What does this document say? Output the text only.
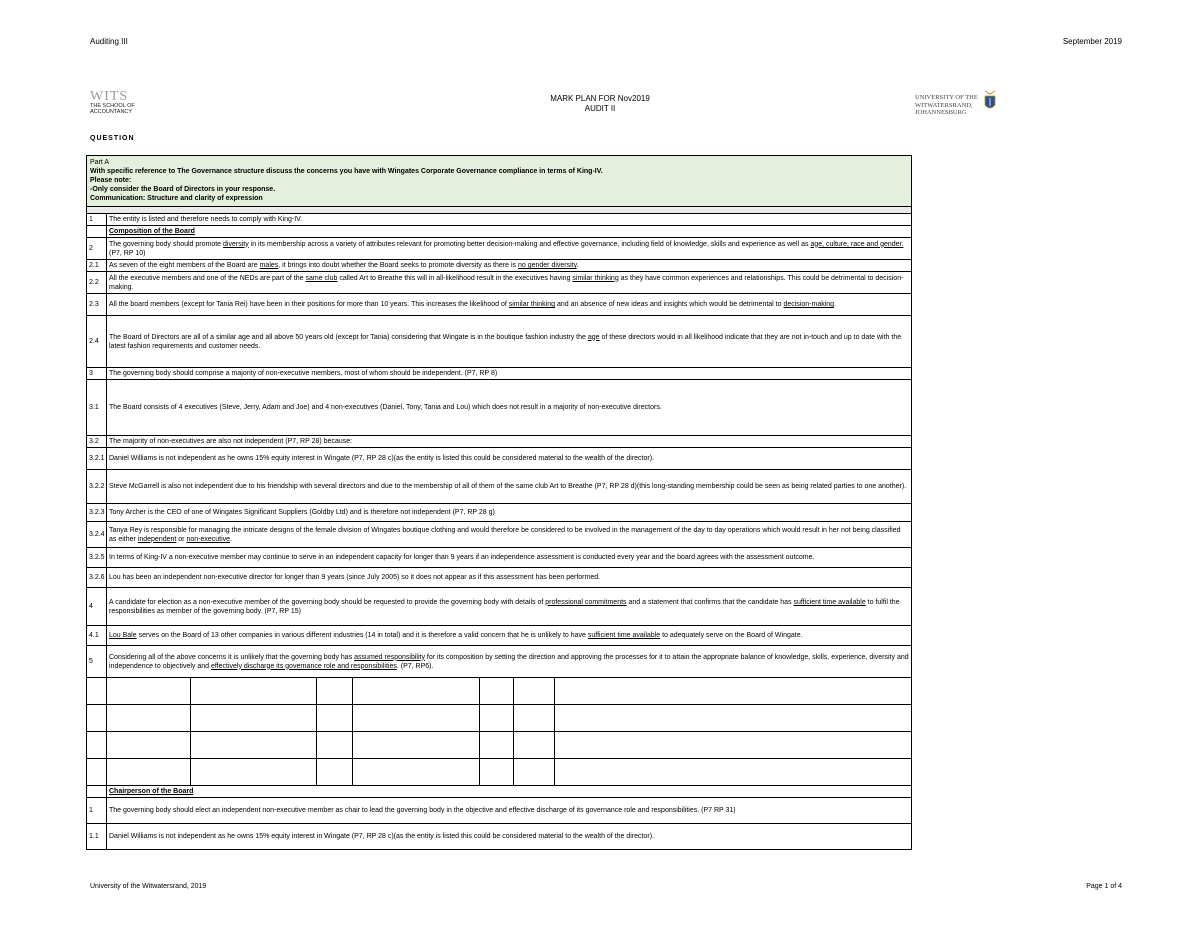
Auditing III	September 2019
WITS
THE SCHOOL OF
ACCOUNTANCY
MARK PLAN FOR Nov2019
AUDIT II
UNIVERSITY OF THE
WITWATERSRAND,
JOHANNESBURG
QUESTION
Part A
With specific reference to The Governance structure discuss the concerns you have with Wingates Corporate Governance compliance in terms of King-IV.
Please note:
-Only consider the Board of Directors in your response.
Communication: Structure and clarity of expression							

1	The entity is listed and therefore needs to comply with King-IV.						
	Composition of the Board						
2	The governing body should promote diversity in its membership across a variety of attributes relevant for promoting better decision-making and effective governance, including field of knowledge, skills and experience as well as age, culture, race and gender. (P7, RP 10)						
2.1	As seven of the eight members of the Board are males, it brings into doubt whether the Board seeks to promote diversity as there is no gender diversity.						
2.2	All the executive members and one of the NEDs are part of the same club called Art to Breathe this will in all-likelihood result in the executives having similar thinking as they have common experiences and relationships. This could be detrimental to decision-making.						
2.3	All the board members (except for Tania Rei) have been in their positions for more than 10 years. This increases the likelihood of similar thinking and an absence of new ideas and insights which would be detrimental to decision-making.						
2.4	The Board of Directors are all of a similar age and all above 50 years old (except for Tania) considering that Wingate is in the boutique fashion industry the age of these directors would in all likelihood indicate that they are not in-touch and up to date with the latest fashion requirements and customer needs.						
3	The governing body should comprise a majority of non-executive members, most of whom should be independent. (P7, RP 8)						
3.1	The Board consists of 4 executives (Steve, Jerry, Adam and Joe) and 4 non-executives (Daniel, Tony, Tania and Lou) which does not result in a majority of non-executive directors.						
3.2	The majority of non-executives are also not independent (P7, RP 28) because:						
3.2.1	Daniel Williams is not independent as he owns 15% equity interest in Wingate (P7, RP 28 c)(as the entity is listed this could be considered material to the wealth of the director).						
3.2.2	Steve McGarrell is also not independent due to his friendship with several directors and due to the membership of all of them of the same club Art to Breathe (P7, RP 28 d)(this long-standing membership could be seen as being related parties to one another).						
3.2.3	Tony Archer is the CEO of one of Wingates Significant Suppliers (Goldby Ltd) and is therefore not independent (P7, RP 28 g)						
3.2.4	Tanya Rey is responsible for managing the intricate designs of the female division of Wingates boutique clothing and would therefore be considered to be involved in the management of the day to day operations which would result in her not being classified as either independent or non-executive.						
3.2.5	In terms of King-IV a non-executive member may continue to serve in an independent capacity for longer than 9 years if an independence assessment is conducted every year and the board agrees with the assessment outcome.						
3.2.6	Lou has been an independent non-executive director for longer than 9 years (since July 2005) so it does not appear as if this assessment has been performed.						
4	A candidate for election as a non-executive member of the governing body should be requested to provide the governing body with details of professional commitments and a statement that confirms that the candidate has sufficient time available to fulfil the responsibilities as member of the governing body. (P7, RP 15)						
4.1	Lou Bale serves on the Board of 13 other companies in various different industries (14 in total) and it is therefore a valid concern that he is unlikely to have sufficient time available to adequately serve on the Board of Wingate.						
5	Considering all of the above concerns it is unlikely that the governing body has assumed responsibility for its composition by setting the direction and approving the processes for it to attain the appropriate balance of knowledge, skills, experience, diversity and independence to objectively and effectively discharge its governance role and responsibilities. (P7, RP6).						

	Chairperson of the Board						
1	The governing body should elect an independent non-executive member as chair to lead the governing body in the objective and effective discharge of its governance role and responsibilities. (P7 RP 31)						
1.1	Daniel Williams is not independent as he owns 15% equity interest in Wingate (P7, RP 28 c)(as the entity is listed this could be considered material to the wealth of the director).						
University of the Witwatersrand, 2019	Page 1 of 4
